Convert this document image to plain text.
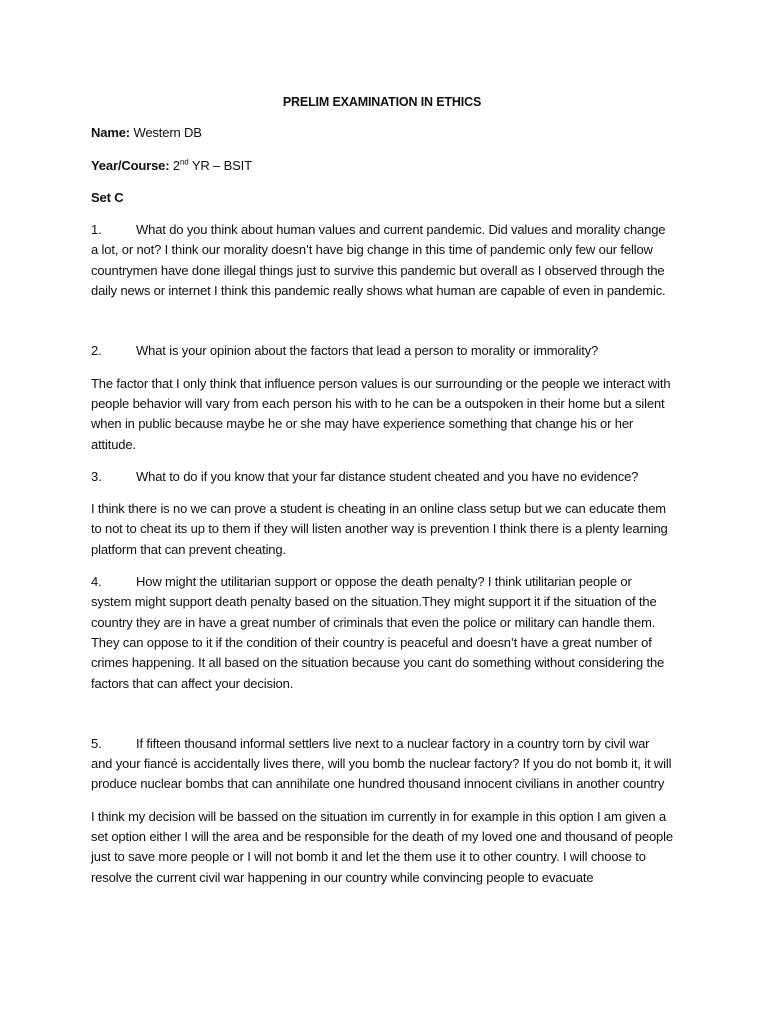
PRELIM EXAMINATION IN ETHICS

Name: Western DB

Year/Course: 2nd YR – BSIT

Set C

1.	What do you think about human values and current pandemic. Did values and morality change a lot, or not? I think our morality doesn’t have big change in this time of pandemic only few our fellow countrymen have done illegal things just to survive this pandemic but overall as I observed through the daily news or internet I think this pandemic really shows what human are capable of even in pandemic.

2.	What is your opinion about the factors that lead a person to morality or immorality?

The factor that I only think that influence person values is our surrounding or the people we interact with people behavior will vary from each person his with to he can be a outspoken in their home but a silent when in public because maybe he or she may have experience something that change his or her attitude.

3.	What to do if you know that your far distance student cheated and you have no evidence?

I think there is no we can prove a student is cheating in an online class setup but we can educate them to not to cheat its up to them if they will listen another way is prevention I think there is a plenty learning platform that can prevent cheating.

4.	How might the utilitarian support or oppose the death penalty? I think utilitarian people or system might support death penalty based on the situation.They might support it if the situation of the country they are in have a great number of criminals that even the police or military can handle them. They can oppose to it if the condition of their country is peaceful and doesn’t have a great number of crimes happening. It all based on the situation because you cant do something without considering the factors that can affect your decision.

5.	If fifteen thousand informal settlers live next to a nuclear factory in a country torn by civil war and your fiancé is accidentally lives there, will you bomb the nuclear factory? If you do not bomb it, it will produce nuclear bombs that can annihilate one hundred thousand innocent civilians in another country

I think my decision will be bassed on the situation im currently in for example in this option I am given a set option either I will the area and be responsible for the death of my loved one and thousand of people just to save more people or I will not bomb it and let the them use it to other country. I will choose to resolve the current civil war happening in our country while convincing people to evacuate
